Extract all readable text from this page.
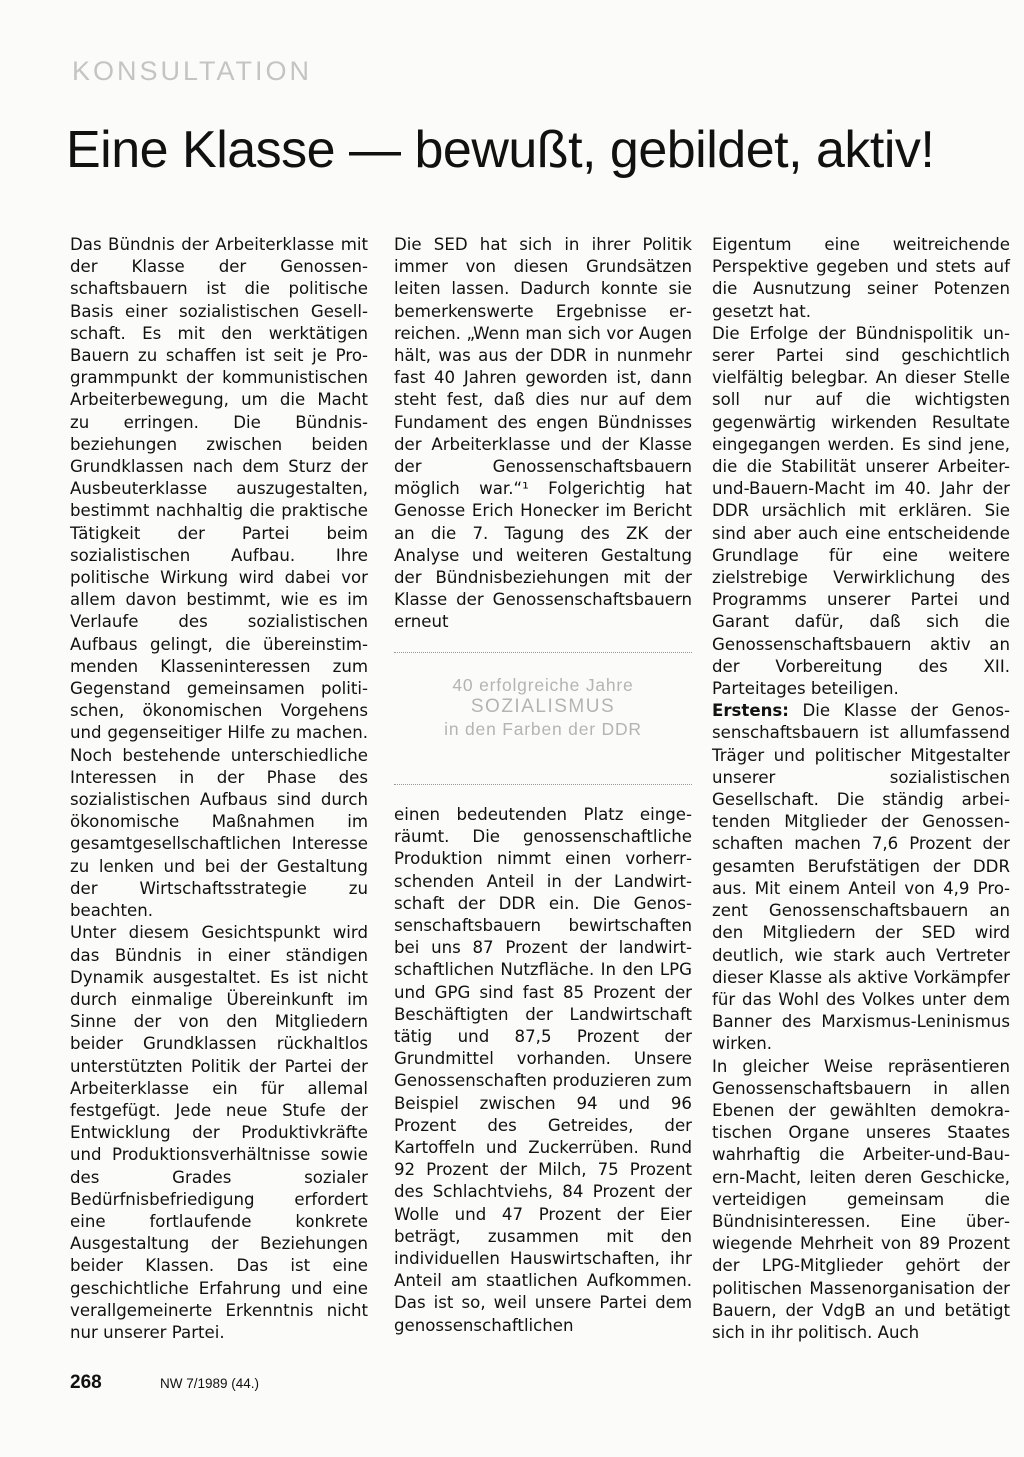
KONSULTATION
Eine Klasse — bewußt, gebildet, aktiv!

Das Bündnis der Arbeiterklasse mit der Klasse der Genossenschaftsbauern ist die politische Basis einer sozialistischen Gesellschaft. Es mit den werktätigen Bauern zu schaffen ist seit je Programmpunkt der kommunistischen Arbeiterbewegung, um die Macht zu erringen. Die Bündnisbeziehungen zwischen beiden Grundklassen nach dem Sturz der Ausbeuterklasse auszugestalten, bestimmt nachhaltig die praktische Tätigkeit der Partei beim sozialistischen Aufbau. Ihre politische Wirkung wird dabei vor allem davon bestimmt, wie es im Verlaufe des sozialistischen Aufbaus gelingt, die übereinstimmenden Klasseninteressen zum Gegenstand gemeinsamen politischen, ökonomischen Vorgehens und gegenseitiger Hilfe zu machen. Noch bestehende unterschiedliche Interessen in der Phase des sozialistischen Aufbaus sind durch ökonomische Maßnahmen im gesamtgesellschaftlichen Interesse zu lenken und bei der Gestaltung der Wirtschaftsstrategie zu beachten.

Unter diesem Gesichtspunkt wird das Bündnis in einer ständigen Dynamik ausgestaltet. Es ist nicht durch einmalige Übereinkunft im Sinne der von den Mitgliedern beider Grundklassen rückhaltlos unterstützten Politik der Partei der Arbeiterklasse ein für allemal festgefügt. Jede neue Stufe der Entwicklung der Produktivkräfte und Produktionsverhältnisse sowie des Grades sozialer Bedürfnisbefriedigung erfordert eine fortlaufende konkrete Ausgestaltung der Beziehungen beider Klassen. Das ist eine geschichtliche Erfahrung und eine verallgemeinerte Erkenntnis nicht nur unserer Partei.

Die SED hat sich in ihrer Politik immer von diesen Grundsätzen leiten lassen. Dadurch konnte sie bemerkenswerte Ergebnisse erreichen. „Wenn man sich vor Augen hält, was aus der DDR in nunmehr fast 40 Jahren geworden ist, dann steht fest, daß dies nur auf dem Fundament des engen Bündnisses der Arbeiterklasse und der Klasse der Genossenschaftsbauern möglich war.“¹ Folgerichtig hat Genosse Erich Honecker im Bericht an die 7. Tagung des ZK der Analyse und weiteren Gestaltung der Bündnisbeziehungen mit der Klasse der Genossenschaftsbauern erneut

40 erfolgreiche Jahre
SOZIALISMUS
in den Farben der DDR

einen bedeutenden Platz eingeräumt. Die genossenschaftliche Produktion nimmt einen vorherrschenden Anteil in der Landwirtschaft der DDR ein. Die Genossenschaftsbauern bewirtschaften bei uns 87 Prozent der landwirtschaftlichen Nutzfläche. In den LPG und GPG sind fast 85 Prozent der Beschäftigten der Landwirtschaft tätig und 87,5 Prozent der Grundmittel vorhanden. Unsere Genossenschaften produzieren zum Beispiel zwischen 94 und 96 Prozent des Getreides, der Kartoffeln und Zuckerrüben. Rund 92 Prozent der Milch, 75 Prozent des Schlachtviehs, 84 Prozent der Wolle und 47 Prozent der Eier beträgt, zusammen mit den individuellen Hauswirtschaften, ihr Anteil am staatlichen Aufkommen. Das ist so, weil unsere Partei dem genossenschaftlichen

Eigentum eine weitreichende Perspektive gegeben und stets auf die Ausnutzung seiner Potenzen gesetzt hat.

Die Erfolge der Bündnispolitik unserer Partei sind geschichtlich vielfältig belegbar. An dieser Stelle soll nur auf die wichtigsten gegenwärtig wirkenden Resultate eingegangen werden. Es sind jene, die die Stabilität unserer Arbeiter-und-Bauern-Macht im 40. Jahr der DDR ursächlich mit erklären. Sie sind aber auch eine entscheidende Grundlage für eine weitere zielstrebige Verwirklichung des Programms unserer Partei und Garant dafür, daß sich die Genossenschaftsbauern aktiv an der Vorbereitung des XII. Parteitages beteiligen.

Erstens: Die Klasse der Genossenschaftsbauern ist allumfassend Träger und politischer Mitgestalter unserer sozialistischen Gesellschaft. Die ständig arbeitenden Mitglieder der Genossenschaften machen 7,6 Prozent der gesamten Berufstätigen der DDR aus. Mit einem Anteil von 4,9 Prozent Genossenschaftsbauern an den Mitgliedern der SED wird deutlich, wie stark auch Vertreter dieser Klasse als aktive Vorkämpfer für das Wohl des Volkes unter dem Banner des Marxismus-Leninismus wirken.

In gleicher Weise repräsentieren Genossenschaftsbauern in allen Ebenen der gewählten demokratischen Organe unseres Staates wahrhaftig die Arbeiter-und-Bauern-Macht, leiten deren Geschicke, verteidigen gemeinsam die Bündnisinteressen. Eine überwiegende Mehrheit von 89 Prozent der LPG-Mitglieder gehört der politischen Massenorganisation der Bauern, der VdgB an und betätigt sich in ihr politisch. Auch

268	NW 7/1989 (44.)
